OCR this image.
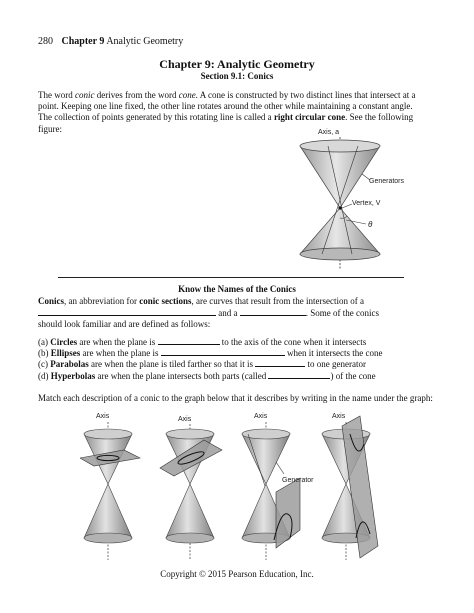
280 Chapter 9 Analytic Geometry
Chapter 9: Analytic Geometry
Section 9.1: Conics
The word conic derives from the word cone. A cone is constructed by two distinct lines that intersect at a point. Keeping one line fixed, the other line rotates around the other while maintaining a constant angle. The collection of points generated by this rotating line is called a right circular cone. See the following figure:	Axis, a
Generators
Vertex, V
θ
Know the Names of the Conics
Conics, an abbreviation for conic sections, are curves that result from the intersection of a
and a	. Some of the conics
should look familiar and are defined as follows:
(a) Circles are when the plane is	to the axis of the cone when it intersects
(b) Ellipses are when the plane is	when it intersects the cone
(c) Parabolas are when the plane is tiled farther so that it is	to one generator
(d) Hyperbolas are when the plane intersects both parts (called	) of the cone
Match each description of a conic to the graph below that it describes by writing in the name under the graph:
Axis	Axis	Axis
Generator
Axis
Copyright © 2015 Pearson Education, Inc.
